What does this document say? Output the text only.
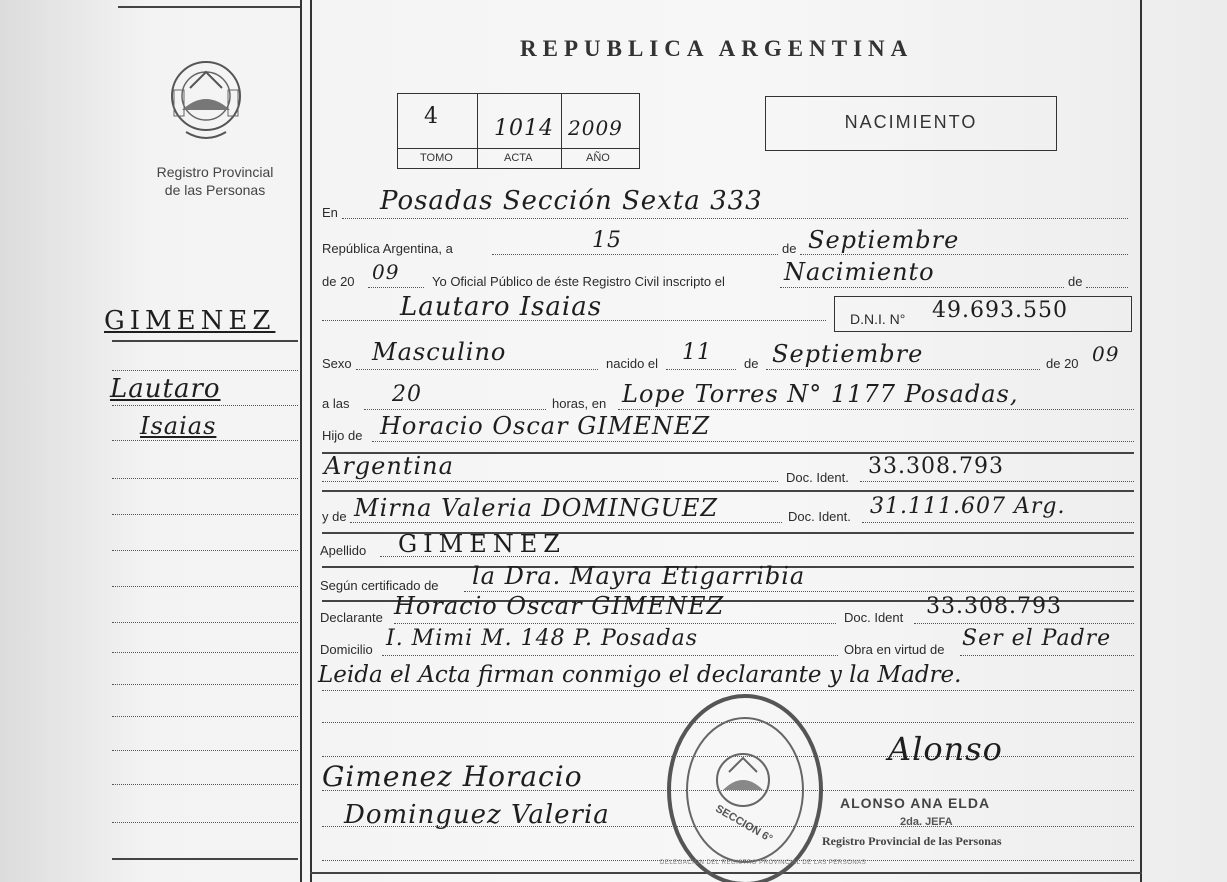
Registro Provincial
de las Personas
GIMENEZ
Lautaro
Isaias
REPUBLICA ARGENTINA
4	1014 2009
TOMO	ACTA	AÑO
NACIMIENTO
En Posadas Sección Sexta 333
República Argentina, a	15	de Septiembre
de 20 09	Yo Oficial Público de éste Registro Civil inscripto el Nacimiento	de
Lautaro Isaias	D.N.I. N° 49.693.550
Sexo Masculino	nacido el 11 de Septiembre	de 20 09
a las 20	horas, en Lope Torres N° 1177 Posadas,
Hijo de Horacio Oscar GIMENEZ
Argentina	Doc. Ident. 33.308.793
y de Mirna Valeria DOMINGUEZ	Doc. Ident. 31.111.607 Arg.
Apellido GIMENEZ
Según certificado de la Dra. Mayra Etigarribia
Declarante Horacio Oscar GIMENEZ	Doc. Ident 33.308.793
Domicilio I. Mimi M. 148 P. Posadas	Obra en virtud de Ser el Padre
Leida el Acta firman conmigo el declarante y la Madre.
DELEGACION DEL REGISTRO PROVINCIAL DE LAS PERSONAS
SECCION 6°
Gimenez Horacio
Dominguez Valeria
Alonso
ALONSO ANA ELDA
2da. JEFA
Registro Provincial de las Personas
